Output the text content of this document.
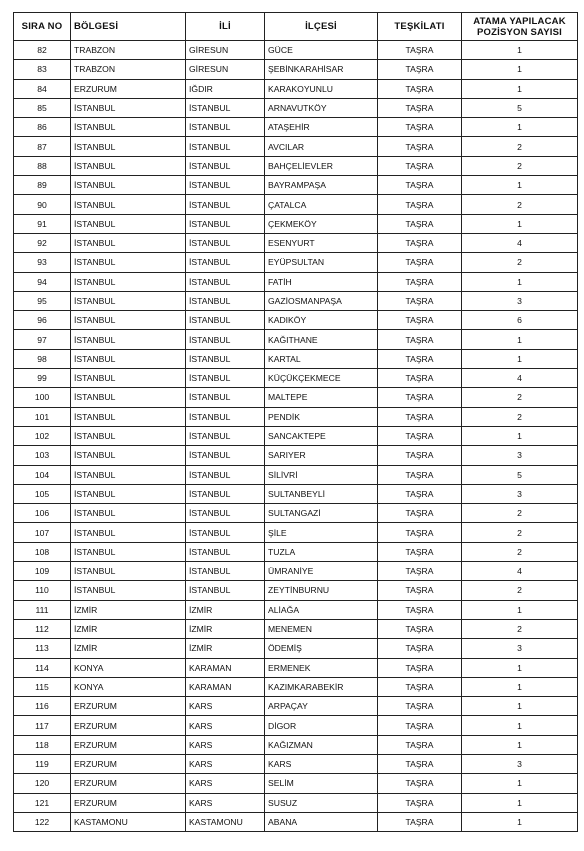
SIRA NO	BÖLGESİ	İLİ	İLÇESİ	TEŞKİLATI	ATAMA YAPILACAK
POZİSYON SAYISI

82	TRABZON	GİRESUN	GÜCE	TAŞRA	1
83	TRABZON	GİRESUN	ŞEBİNKARAHİSAR	TAŞRA	1
84	ERZURUM	IĞDIR	KARAKOYUNLU	TAŞRA	1
85	İSTANBUL	İSTANBUL	ARNAVUTKÖY	TAŞRA	5
86	İSTANBUL	İSTANBUL	ATAŞEHİR	TAŞRA	1
87	İSTANBUL	İSTANBUL	AVCILAR	TAŞRA	2
88	İSTANBUL	İSTANBUL	BAHÇELİEVLER	TAŞRA	2
89	İSTANBUL	İSTANBUL	BAYRAMPAŞA	TAŞRA	1
90	İSTANBUL	İSTANBUL	ÇATALCA	TAŞRA	2
91	İSTANBUL	İSTANBUL	ÇEKMEKÖY	TAŞRA	1
92	İSTANBUL	İSTANBUL	ESENYURT	TAŞRA	4
93	İSTANBUL	İSTANBUL	EYÜPSULTAN	TAŞRA	2
94	İSTANBUL	İSTANBUL	FATİH	TAŞRA	1
95	İSTANBUL	İSTANBUL	GAZİOSMANPAŞA	TAŞRA	3
96	İSTANBUL	İSTANBUL	KADIKÖY	TAŞRA	6
97	İSTANBUL	İSTANBUL	KAĞITHANE	TAŞRA	1
98	İSTANBUL	İSTANBUL	KARTAL	TAŞRA	1
99	İSTANBUL	İSTANBUL	KÜÇÜKÇEKMECE	TAŞRA	4
100	İSTANBUL	İSTANBUL	MALTEPE	TAŞRA	2
101	İSTANBUL	İSTANBUL	PENDİK	TAŞRA	2
102	İSTANBUL	İSTANBUL	SANCAKTEPE	TAŞRA	1
103	İSTANBUL	İSTANBUL	SARIYER	TAŞRA	3
104	İSTANBUL	İSTANBUL	SİLİVRİ	TAŞRA	5
105	İSTANBUL	İSTANBUL	SULTANBEYLİ	TAŞRA	3
106	İSTANBUL	İSTANBUL	SULTANGAZİ	TAŞRA	2
107	İSTANBUL	İSTANBUL	ŞİLE	TAŞRA	2
108	İSTANBUL	İSTANBUL	TUZLA	TAŞRA	2
109	İSTANBUL	İSTANBUL	ÜMRANİYE	TAŞRA	4
110	İSTANBUL	İSTANBUL	ZEYTİNBURNU	TAŞRA	2
111	İZMİR	İZMİR	ALİAĞA	TAŞRA	1
112	İZMİR	İZMİR	MENEMEN	TAŞRA	2
113	İZMİR	İZMİR	ÖDEMİŞ	TAŞRA	3
114	KONYA	KARAMAN	ERMENEK	TAŞRA	1
115	KONYA	KARAMAN	KAZIMKARABEKİR	TAŞRA	1
116	ERZURUM	KARS	ARPAÇAY	TAŞRA	1
117	ERZURUM	KARS	DİGOR	TAŞRA	1
118	ERZURUM	KARS	KAĞIZMAN	TAŞRA	1
119	ERZURUM	KARS	KARS	TAŞRA	3
120	ERZURUM	KARS	SELİM	TAŞRA	1
121	ERZURUM	KARS	SUSUZ	TAŞRA	1
122	KASTAMONU	KASTAMONU	ABANA	TAŞRA	1
